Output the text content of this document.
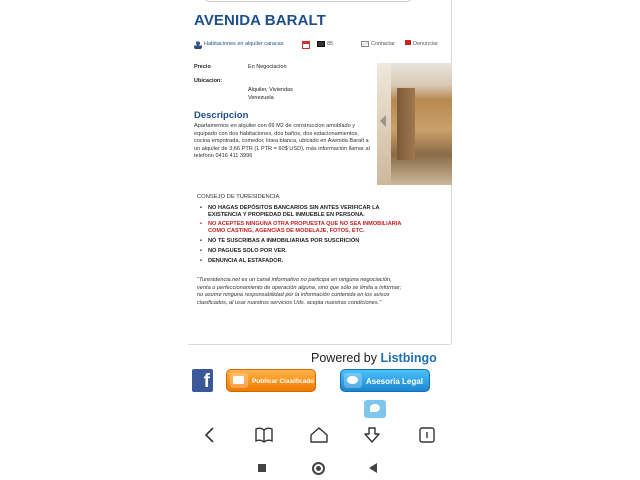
AVENIDA BARALT
Habitaciones en alquiler caracas	85	Contactar	Denunciar
Precio	En Negociacion
Ubicacion:
Alquiler, Viviendas
Venezuela
Descripcion
Apartamentos en alquiler con 69 M2 de construccion amoblado y equipado con dos habitaciones, dos baños, dos estacionamientos, cocina empotrada, comedor, linea blanca, ubicado en Avenida Baralt a un alquiler de 3,66 PTR (1 PTR = 60$ USD), más información llamar al telefono 0416 411 3996
CONSEJO DE TURESIDENCIA
• NO HAGAS DEPÓSITOS BANCARIOS SIN ANTES VERIFICAR LA EXISTENCIA Y PROPIEDAD DEL INMUEBLE EN PERSONA.
• NO ACEPTES NINGUNA OTRA PROPUESTA QUE NO SEA INMOBILIARIA COMO CASTING, AGENCIAS DE MODELAJE, FOTOS, ETC.
• NO TE SUSCRIBAS A INMOBILIARIAS POR SUSCRICIÓN
• NO PAGUES SOLO POR VER.
• DENUNCIA AL ESTAFADOR.
"Turesidencia.net es un canal informativo no participa en ninguna negociación, venta o perfeccionamiento de operación alguna, sino que sólo se limita a informar; no asume ninguna responsabilidad por la información contenida en los avisos clasificados, al usar nuestros servicios Uds. acepta nuestras condiciones."
Powered by Listbingo
f	Publicar Clasificado	Asesoria Legal
